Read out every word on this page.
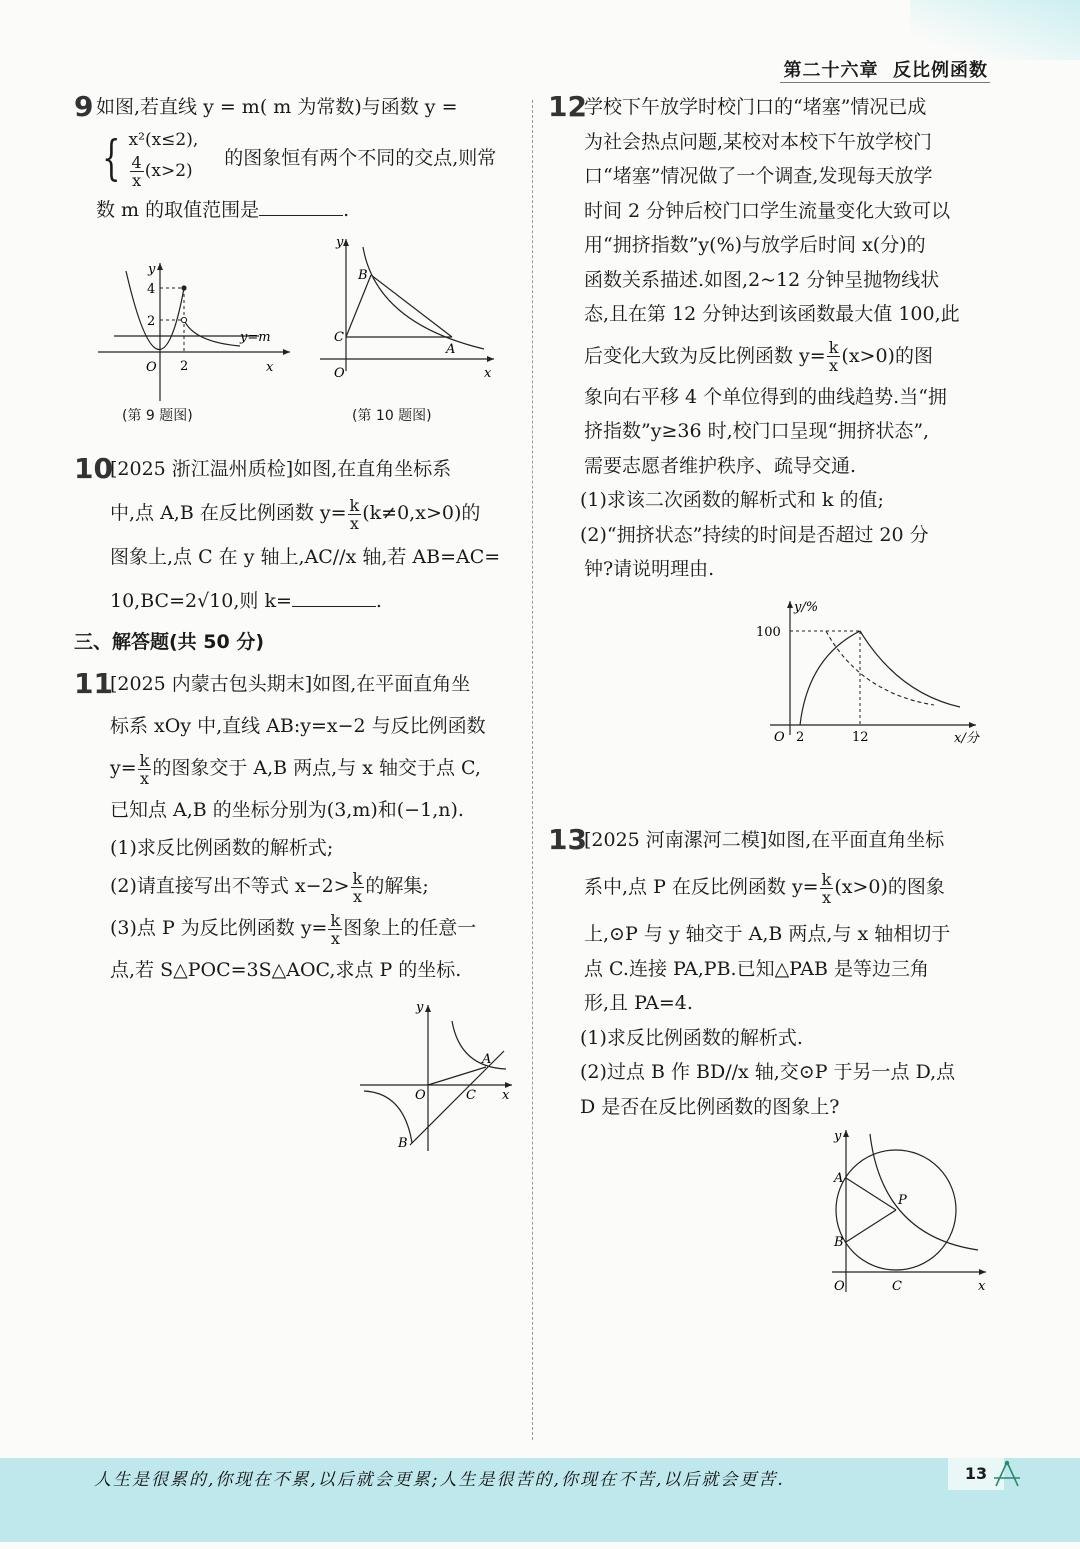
第二十六章 反比例函数
9 如图,若直线 y = m( m 为常数)与函数 y =
{ x²(x≤2),
$\frac{4}{x} (x>2)$
的图象恒有两个不同的交点,则常
数 m 的取值范围是	.
y
x
O
4
2
2
y=m
(第 9 题图)
y
x
O
B
C
A
(第 10 题图)
10
[2025 浙江温州质检]如图,在直角坐标系
中,点 A,B 在反比例函数 $y= \frac{k}{x} (k\ne 0,x>0)$的
图象上,点 C 在 y 轴上,AC//x 轴,若 AB=AC=
10,BC=2√10,则 k=	.
三、解答题(共 50 分)
11
[2025 内蒙古包头期末]如图,在平面直角坐
标系 xOy 中,直线 AB:y=x−2 与反比例函数
$y= \frac{k}{x}$ 的图象交于 A,B 两点,与 x 轴交于点 C,
已知点 A,B 的坐标分别为(3,m)和(−1,n).
(1)求反比例函数的解析式;
(2)请直接写出不等式 $x-2> \frac{k}{x}$ 的解集;
(3)点 P 为反比例函数 $y= \frac{k}{x}$ 图象上的任意一
点,若 S△POC=3S△AOC,求点 P 的坐标.
y
x
O
A
C
B
12
学校下午放学时校门口的“堵塞”情况已成
为社会热点问题,某校对本校下午放学校门
口“堵塞”情况做了一个调查,发现每天放学
时间 2 分钟后校门口学生流量变化大致可以
用“拥挤指数”y(%)与放学后时间 x(分)的
函数关系描述.如图,2~12 分钟呈抛物线状
态,且在第 12 分钟达到该函数最大值 100,此
后变化大致为反比例函数 $y= \frac{k}{x} (x>0)$的图
象向右平移 4 个单位得到的曲线趋势.当“拥
挤指数”y≥36 时,校门口呈现“拥挤状态”,
需要志愿者维护秩序、疏导交通.
(1)求该二次函数的解析式和 k 的值;
(2)“拥挤状态”持续的时间是否超过 20 分
钟?请说明理由.
y/%
x/分
O
100
2	12
13
[2025 河南漯河二模]如图,在平面直角坐标
系中,点 P 在反比例函数 $y= \frac{k}{x} (x>0)$的图象
上,⊙P 与 y 轴交于 A,B 两点,与 x 轴相切于
点 C.连接 PA,PB.已知△PAB 是等边三角
形,且 PA=4.
(1)求反比例函数的解析式.
(2)过点 B 作 BD//x 轴,交⊙P 于另一点 D,点
D 是否在反比例函数的图象上?
y
x
O
A
B
C
P
人生是很累的,你现在不累,以后就会更累;人生是很苦的,你现在不苦,以后就会更苦.	13
